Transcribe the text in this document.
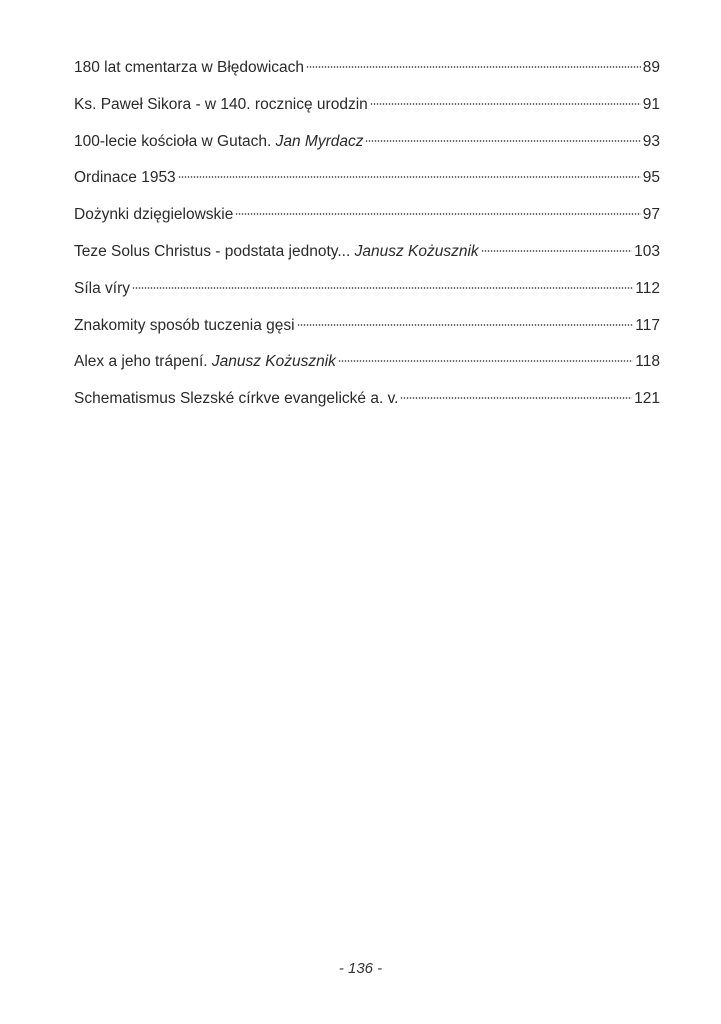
180 lat cmentarza w Błędowicach	89
Ks. Paweł Sikora - w 140. rocznicę urodzin	91
100-lecie kościoła w Gutach. Jan Myrdacz	93
Ordinace 1953	95
Dożynki dzięgielowskie	97
Teze Solus Christus - podstata jednoty... Janusz Kożusznik	103
Síla víry	112
Znakomity sposób tuczenia gęsi	117
Alex a jeho trápení. Janusz Kożusznik	118
Schematismus Slezské církve evangelické a. v.	121
- 136 -
